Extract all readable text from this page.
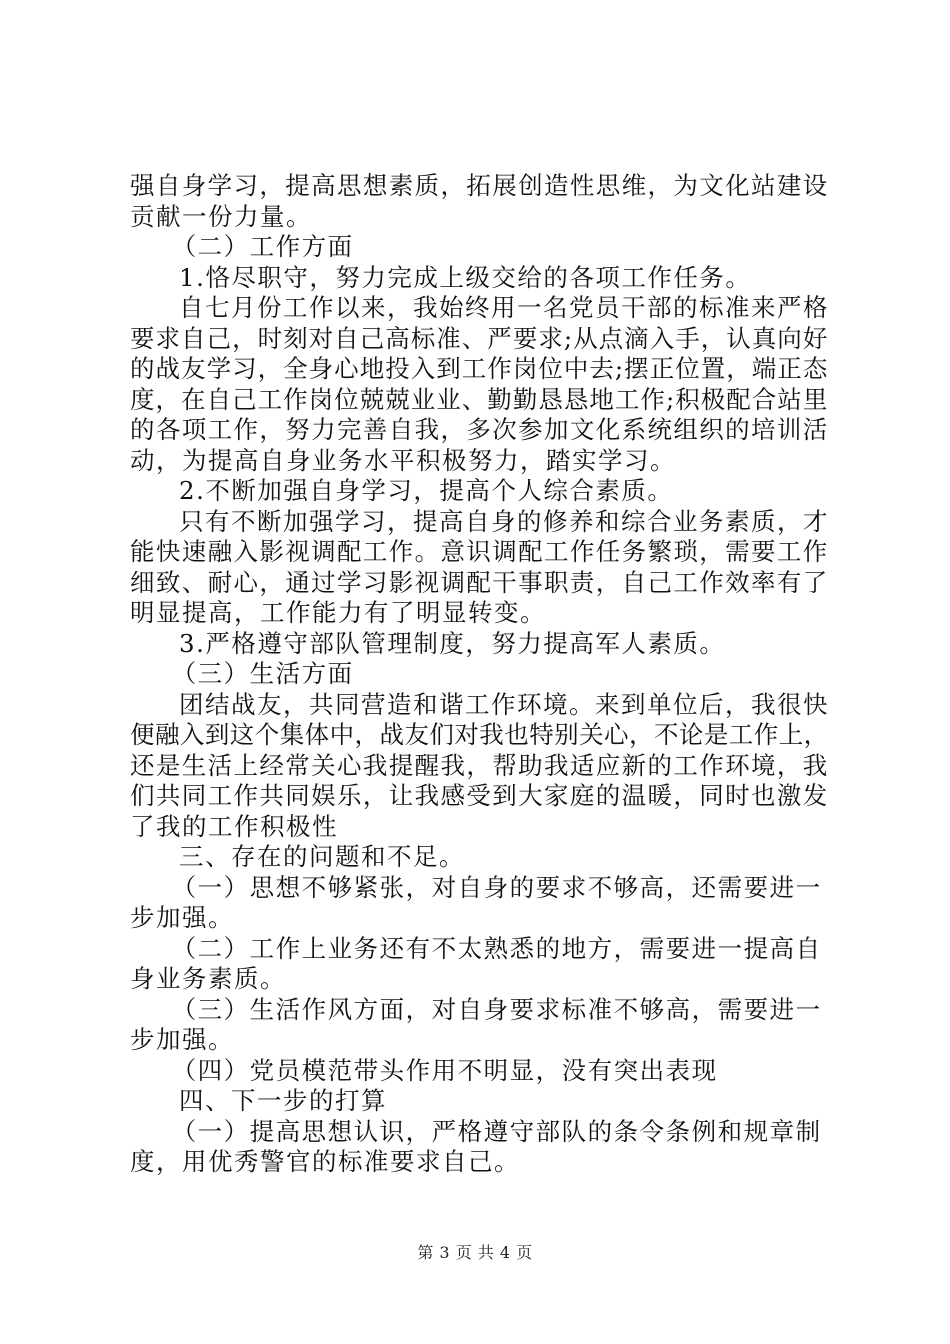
强自身学习，提高思想素质，拓展创造性思维，为文化站建设
贡献一份力量。
（二）工作方面
1.恪尽职守，努力完成上级交给的各项工作任务。
自七月份工作以来，我始终用一名党员干部的标准来严格
要求自己，时刻对自己高标准、严要求;从点滴入手，认真向好
的战友学习，全身心地投入到工作岗位中去;摆正位置，端正态
度，在自己工作岗位兢兢业业、勤勤恳恳地工作;积极配合站里
的各项工作，努力完善自我，多次参加文化系统组织的培训活
动，为提高自身业务水平积极努力，踏实学习。
2.不断加强自身学习，提高个人综合素质。
只有不断加强学习，提高自身的修养和综合业务素质，才
能快速融入影视调配工作。意识调配工作任务繁琐，需要工作
细致、耐心，通过学习影视调配干事职责，自己工作效率有了
明显提高，工作能力有了明显转变。
3.严格遵守部队管理制度，努力提高军人素质。
（三）生活方面
团结战友，共同营造和谐工作环境。来到单位后，我很快
便融入到这个集体中，战友们对我也特别关心，不论是工作上，
还是生活上经常关心我提醒我，帮助我适应新的工作环境，我
们共同工作共同娱乐，让我感受到大家庭的温暖，同时也激发
了我的工作积极性
三、存在的问题和不足。
（一）思想不够紧张，对自身的要求不够高，还需要进一
步加强。
（二）工作上业务还有不太熟悉的地方，需要进一提高自
身业务素质。
（三）生活作风方面，对自身要求标准不够高，需要进一
步加强。
（四）党员模范带头作用不明显，没有突出表现
四、下一步的打算
（一）提高思想认识，严格遵守部队的条令条例和规章制
度，用优秀警官的标准要求自己。
第 3 页 共 4 页
